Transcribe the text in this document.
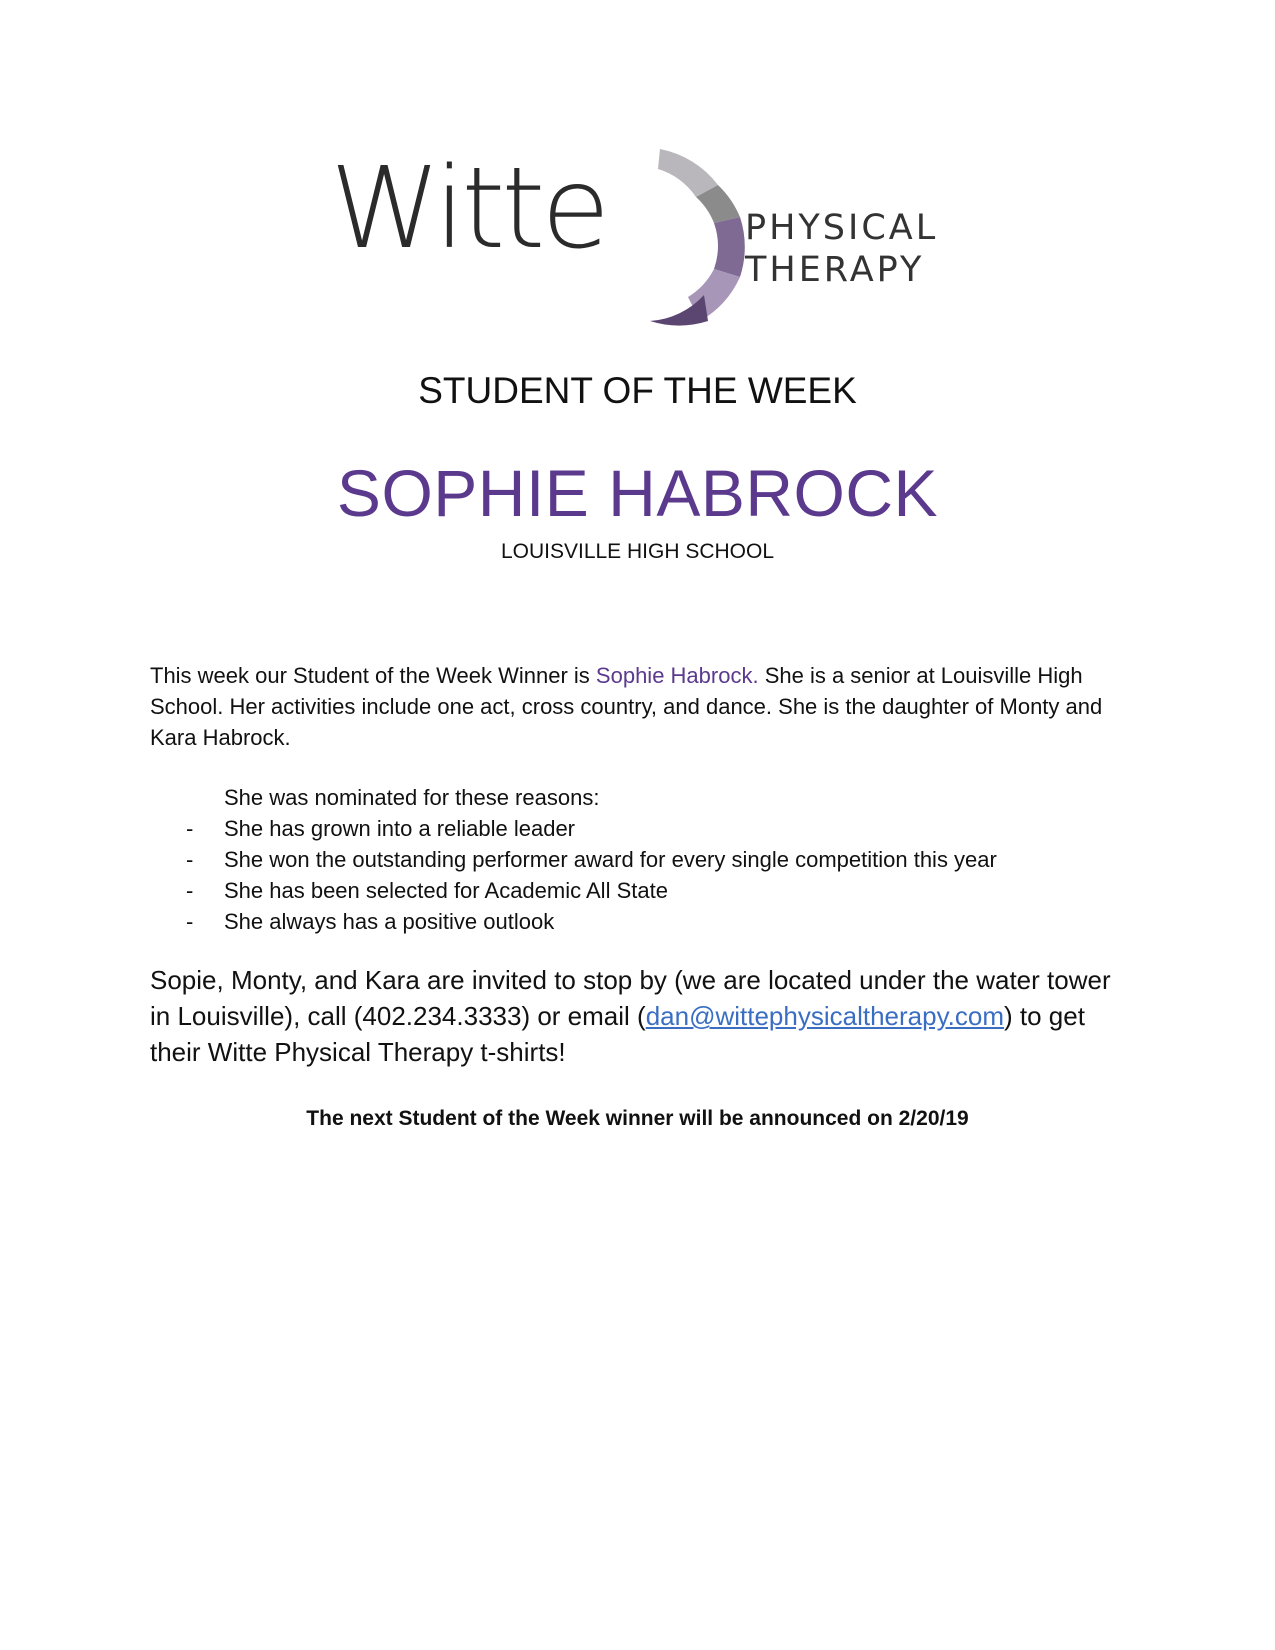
Witte	PHYSICAL
THERAPY
STUDENT OF THE WEEK
SOPHIE HABROCK
LOUISVILLE HIGH SCHOOL
This week our Student of the Week Winner is Sophie Habrock. She is a senior at Louisville High School. Her activities include one act, cross country, and dance. She is the daughter of Monty and Kara Habrock.
She was nominated for these reasons:
- She has grown into a reliable leader
- She won the outstanding performer award for every single competition this year
- She has been selected for Academic All State
- She always has a positive outlook
Sopie, Monty, and Kara are invited to stop by (we are located under the water tower in Louisville), call (402.234.3333) or email (dan@wittephysicaltherapy.com) to get their Witte Physical Therapy t-shirts!
The next Student of the Week winner will be announced on 2/20/19
